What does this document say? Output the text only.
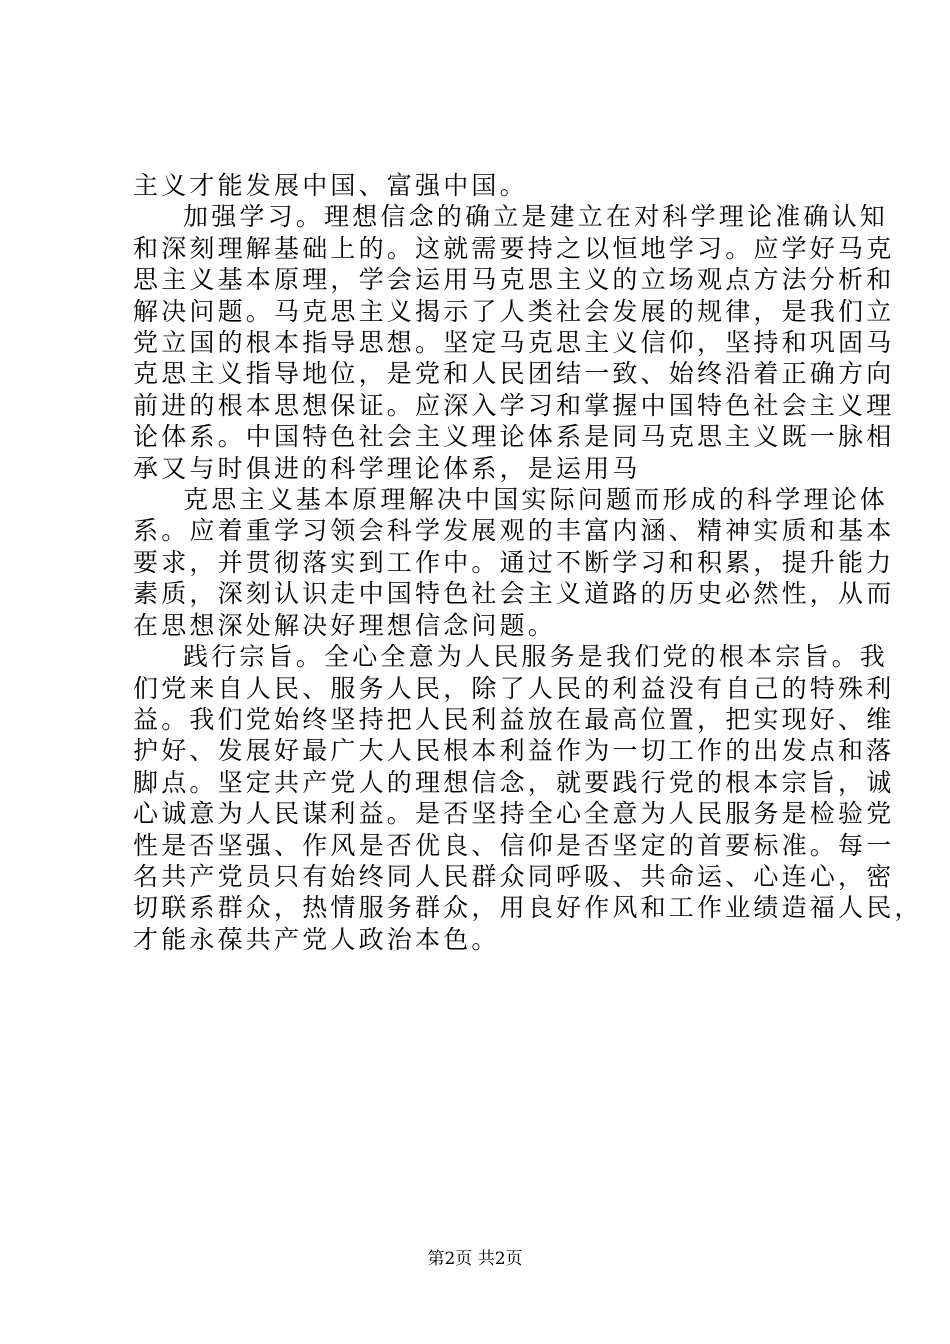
主义才能发展中国、富强中国。

加强学习。理想信念的确立是建立在对科学理论准确认知
和深刻理解基础上的。这就需要持之以恒地学习。应学好马克
思主义基本原理，学会运用马克思主义的立场观点方法分析和
解决问题。马克思主义揭示了人类社会发展的规律，是我们立
党立国的根本指导思想。坚定马克思主义信仰，坚持和巩固马
克思主义指导地位，是党和人民团结一致、始终沿着正确方向
前进的根本思想保证。应深入学习和掌握中国特色社会主义理
论体系。中国特色社会主义理论体系是同马克思主义既一脉相
承又与时俱进的科学理论体系，是运用马

克思主义基本原理解决中国实际问题而形成的科学理论体
系。应着重学习领会科学发展观的丰富内涵、精神实质和基本
要求，并贯彻落实到工作中。通过不断学习和积累，提升能力
素质，深刻认识走中国特色社会主义道路的历史必然性，从而
在思想深处解决好理想信念问题。

践行宗旨。全心全意为人民服务是我们党的根本宗旨。我
们党来自人民、服务人民，除了人民的利益没有自己的特殊利
益。我们党始终坚持把人民利益放在最高位置，把实现好、维
护好、发展好最广大人民根本利益作为一切工作的出发点和落
脚点。坚定共产党人的理想信念，就要践行党的根本宗旨，诚
心诚意为人民谋利益。是否坚持全心全意为人民服务是检验党
性是否坚强、作风是否优良、信仰是否坚定的首要标准。每一
名共产党员只有始终同人民群众同呼吸、共命运、心连心，密
切联系群众，热情服务群众，用良好作风和工作业绩造福人民，
才能永葆共产党人政治本色。

第2页 共2页
